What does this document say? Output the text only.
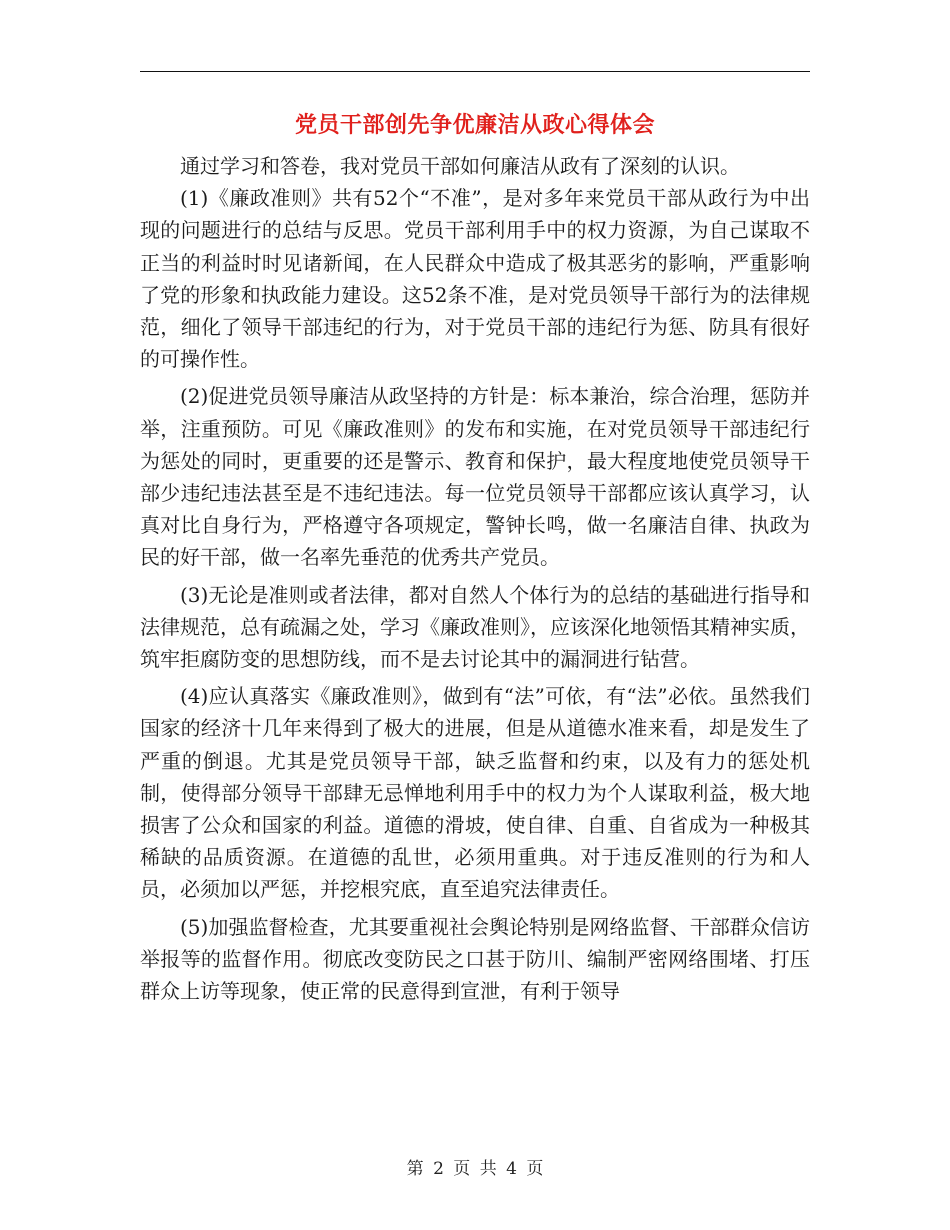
党员干部创先争优廉洁从政心得体会

通过学习和答卷，我对党员干部如何廉洁从政有了深刻的认识。

(1)《廉政准则》共有52个“不准”，是对多年来党员干部从政行为中出现的问题进行的总结与反思。党员干部利用手中的权力资源，为自己谋取不正当的利益时时见诸新闻，在人民群众中造成了极其恶劣的影响，严重影响了党的形象和执政能力建设。这52条不准，是对党员领导干部行为的法律规范，细化了领导干部违纪的行为，对于党员干部的违纪行为惩、防具有很好的可操作性。

(2)促进党员领导廉洁从政坚持的方针是：标本兼治，综合治理，惩防并举，注重预防。可见《廉政准则》的发布和实施，在对党员领导干部违纪行为惩处的同时，更重要的还是警示、教育和保护，最大程度地使党员领导干部少违纪违法甚至是不违纪违法。每一位党员领导干部都应该认真学习，认真对比自身行为，严格遵守各项规定，警钟长鸣，做一名廉洁自律、执政为民的好干部，做一名率先垂范的优秀共产党员。

(3)无论是准则或者法律，都对自然人个体行为的总结的基础进行指导和法律规范，总有疏漏之处，学习《廉政准则》，应该深化地领悟其精神实质，筑牢拒腐防变的思想防线，而不是去讨论其中的漏洞进行钻营。

(4)应认真落实《廉政准则》，做到有“法”可依，有“法”必依。虽然我们国家的经济十几年来得到了极大的进展，但是从道德水准来看，却是发生了严重的倒退。尤其是党员领导干部，缺乏监督和约束，以及有力的惩处机制，使得部分领导干部肆无忌惮地利用手中的权力为个人谋取利益，极大地损害了公众和国家的利益。道德的滑坡，使自律、自重、自省成为一种极其稀缺的品质资源。在道德的乱世，必须用重典。对于违反准则的行为和人员，必须加以严惩，并挖根究底，直至追究法律责任。

(5)加强监督检查，尤其要重视社会舆论特别是网络监督、干部群众信访举报等的监督作用。彻底改变防民之口甚于防川、编制严密网络围堵、打压群众上访等现象，使正常的民意得到宣泄，有利于领导

第 2 页 共 4 页
